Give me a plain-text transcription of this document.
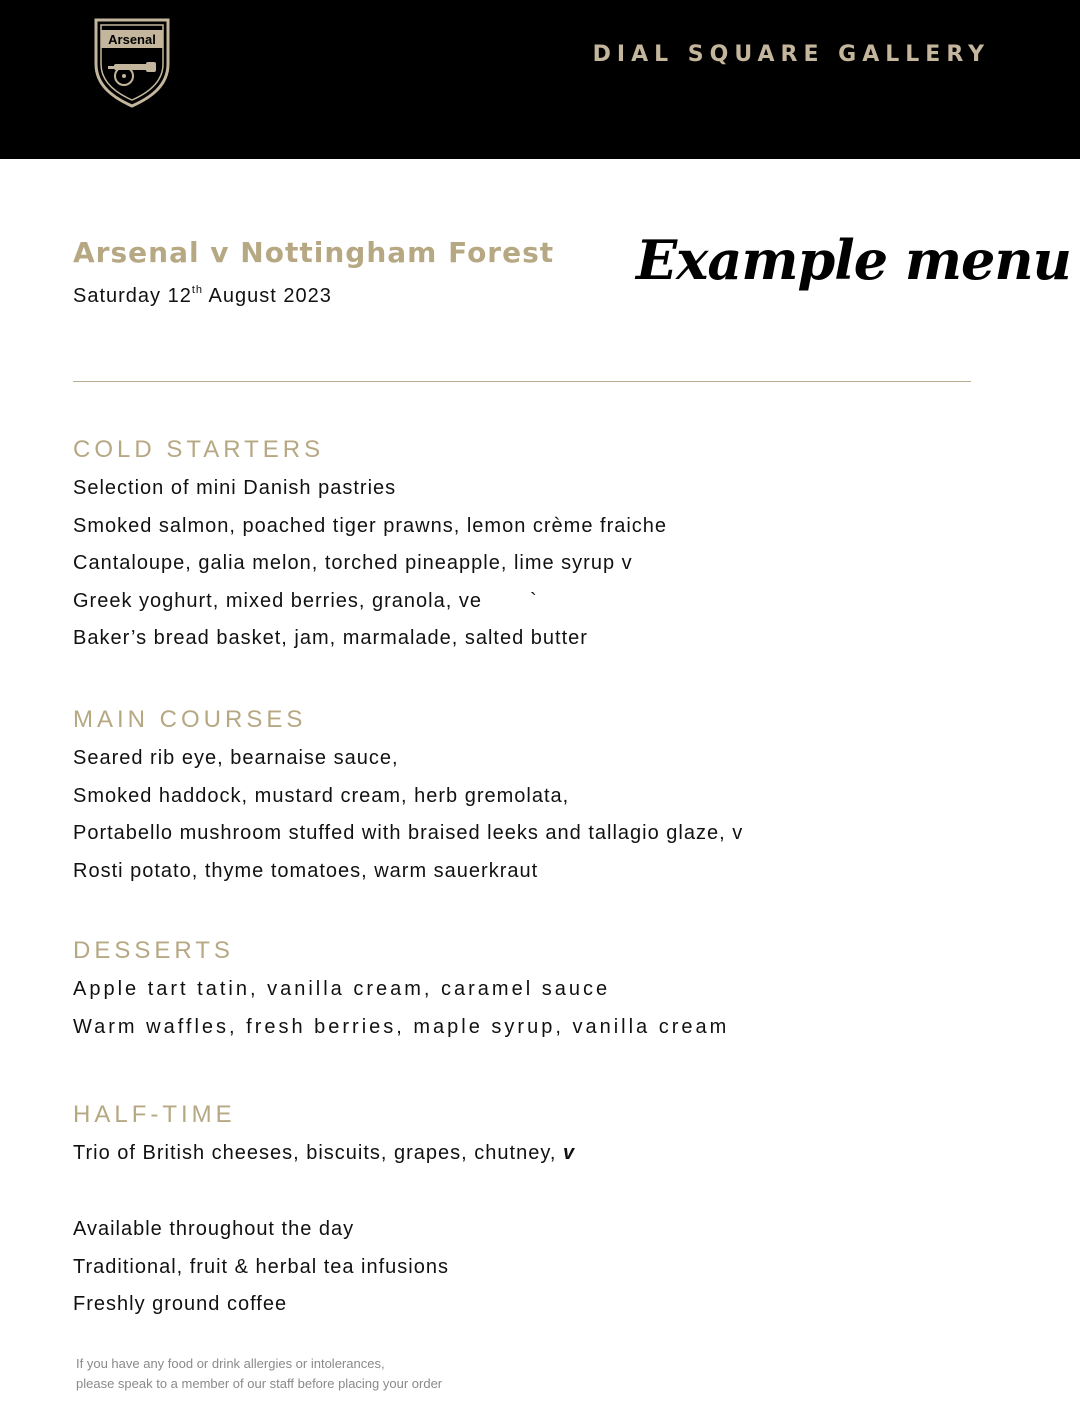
Arsenal
DIAL SQUARE GALLERY
Arsenal v Nottingham Forest
Saturday 12th August 2023
Example menu
COLD STARTERS
Selection of mini Danish pastries
Smoked salmon, poached tiger prawns, lemon crème fraiche
Cantaloupe, galia melon, torched pineapple, lime syrup v
Greek yoghurt, mixed berries, granola, ve `
Baker’s bread basket, jam, marmalade, salted butter
MAIN COURSES
Seared rib eye, bearnaise sauce,
Smoked haddock, mustard cream, herb gremolata,
Portabello mushroom stuffed with braised leeks and tallagio glaze, v
Rosti potato, thyme tomatoes, warm sauerkraut
DESSERTS
Apple tart tatin, vanilla cream, caramel sauce
Warm waffles, fresh berries, maple syrup, vanilla cream
HALF-TIME
Trio of British cheeses, biscuits, grapes, chutney, v
Available throughout the day
Traditional, fruit & herbal tea infusions
Freshly ground coffee
If you have any food or drink allergies or intolerances,
please speak to a member of our staff before placing your order
